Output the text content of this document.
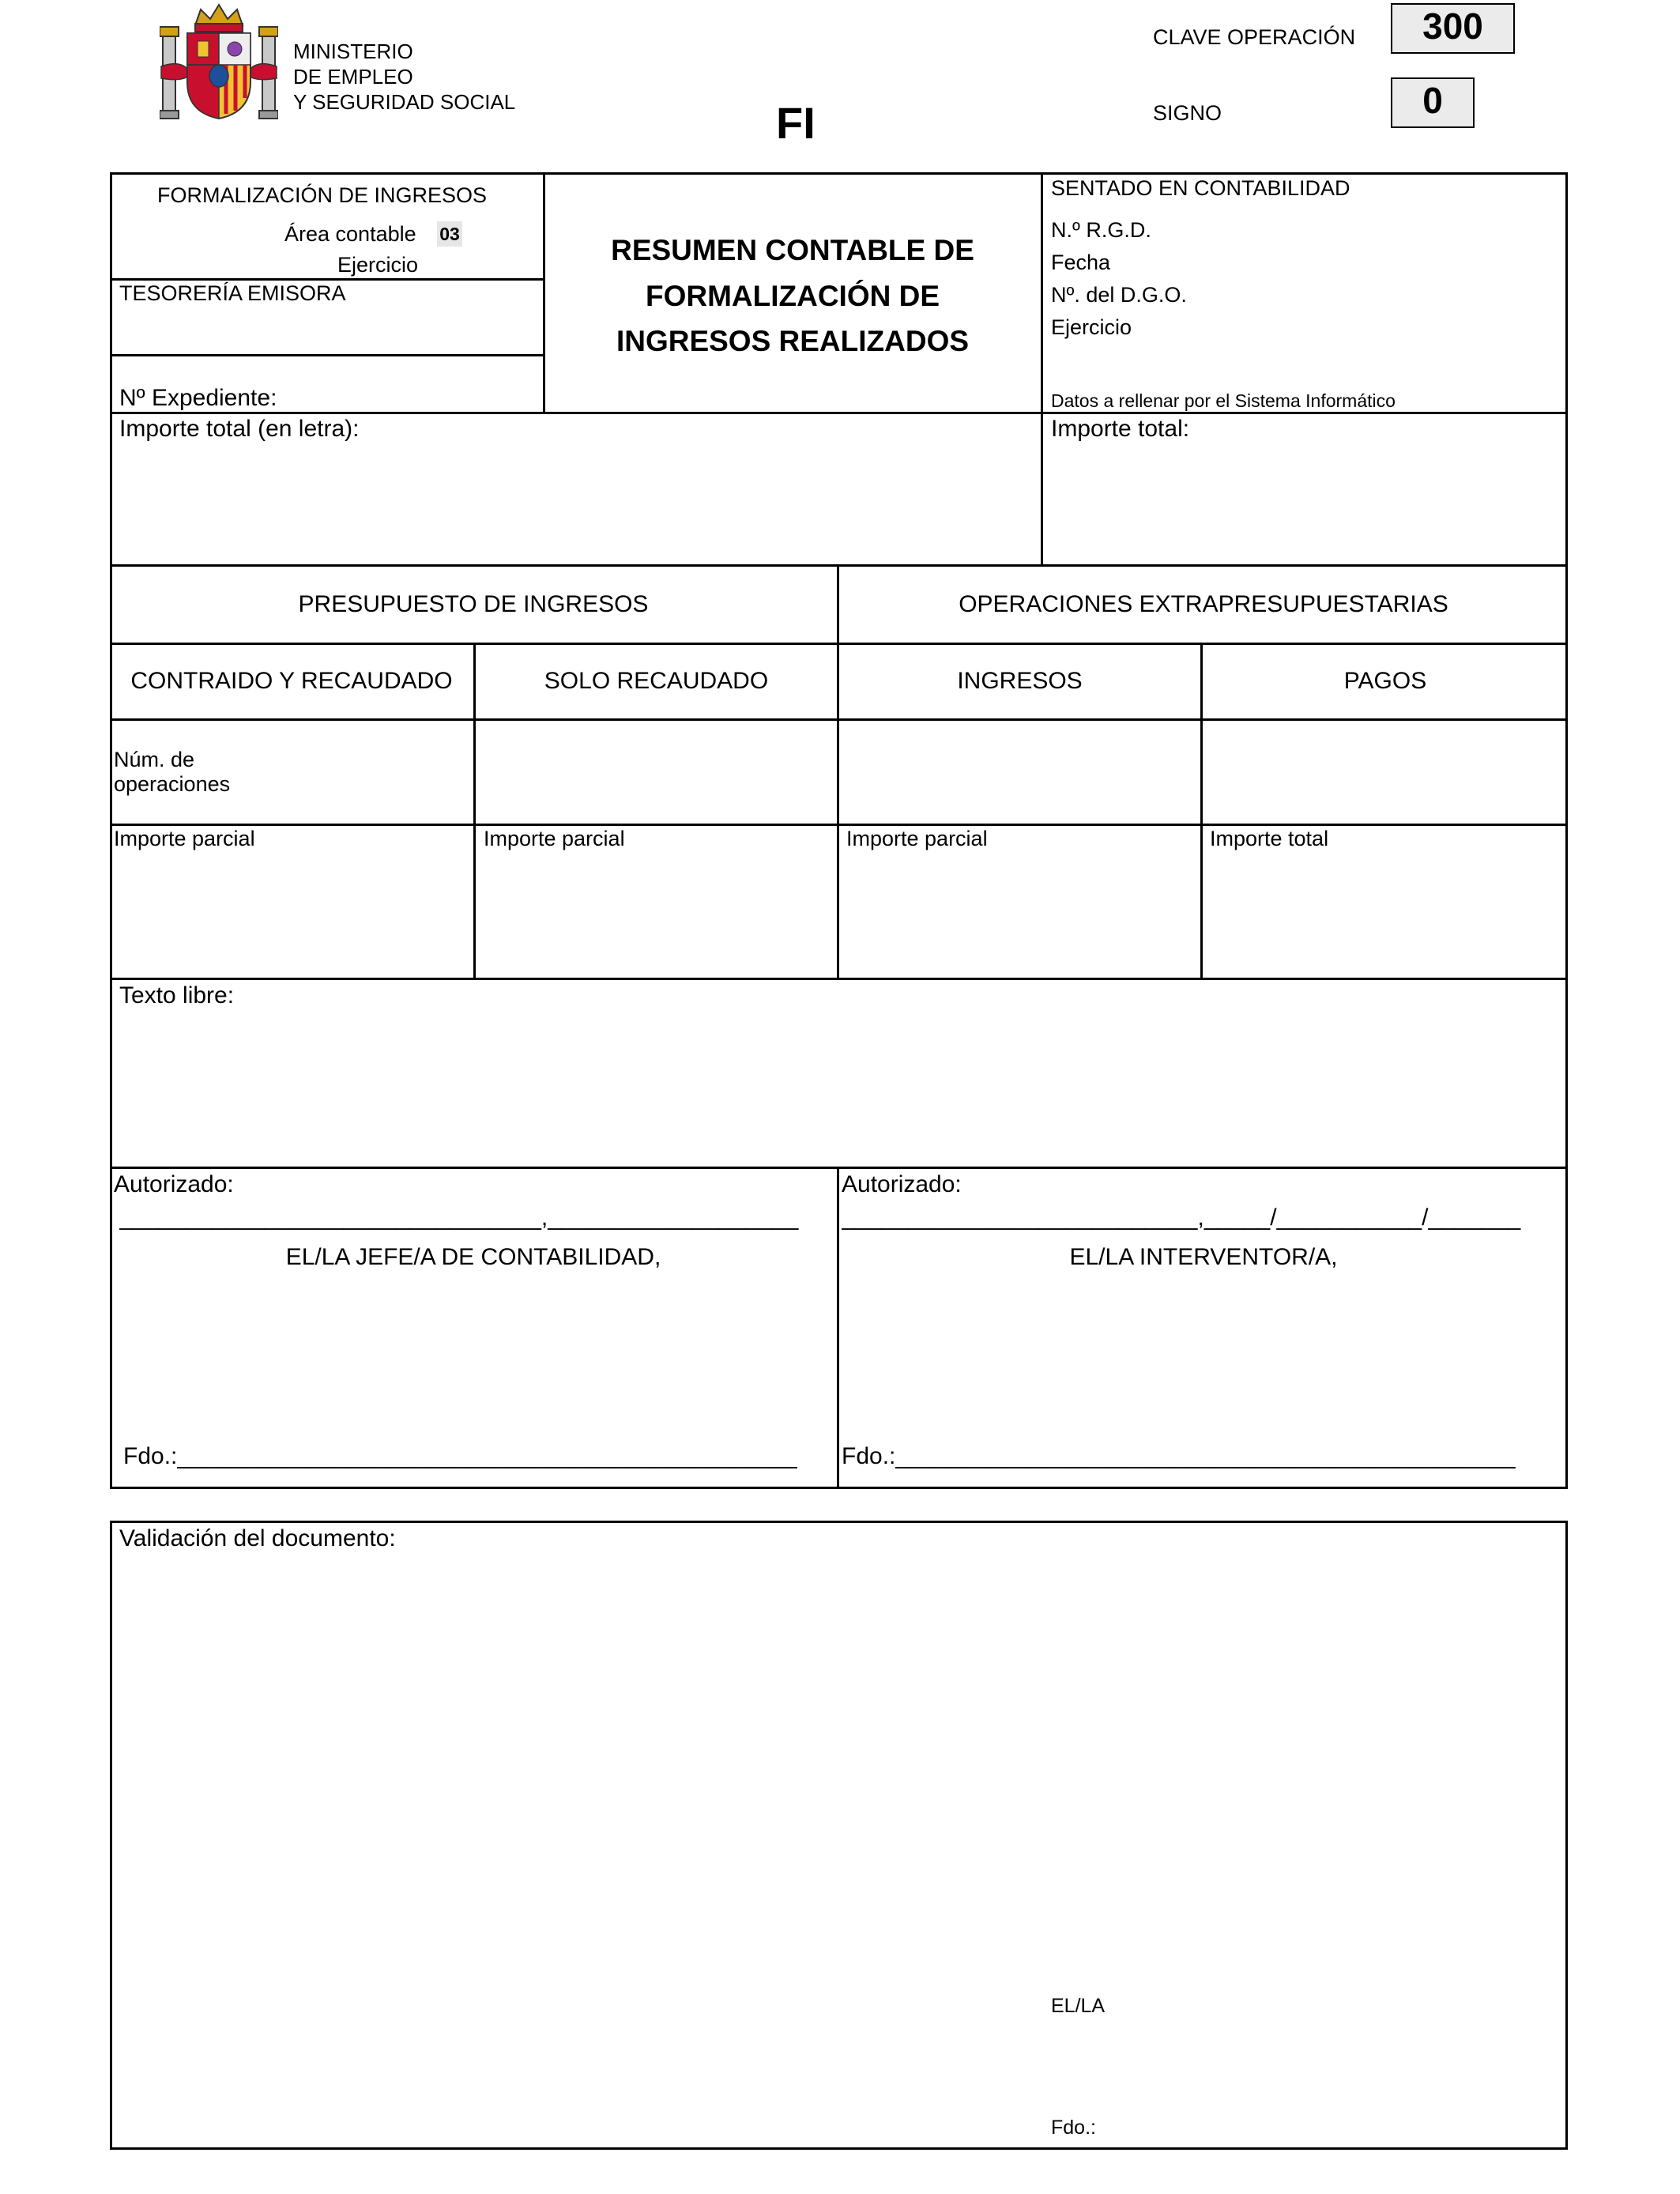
MINISTERIO
DE EMPLEO
Y SEGURIDAD SOCIAL	FI
CLAVE OPERACIÓN	300
SIGNO	0
FORMALIZACIÓN DE INGRESOS
Área contable 03
Ejercicio
TESORERÍA EMISORA
Nº Expediente:
RESUMEN CONTABLE DE
FORMALIZACIÓN DE
INGRESOS REALIZADOS
SENTADO EN CONTABILIDAD
N.º R.G.D.
Fecha
Nº. del D.G.O.
Ejercicio
Datos a rellenar por el Sistema Informático
Importe total (en letra):	Importe total:
PRESUPUESTO DE INGRESOS	OPERACIONES EXTRAPRESUPUESTARIAS
CONTRAIDO Y RECAUDADO	SOLO RECAUDADO	INGRESOS	PAGOS
Núm. de
operaciones
Importe parcial	Importe parcial	Importe parcial	Importe total
Texto libre:
Autorizado:
________________________________,___________________
EL/LA JEFE/A DE CONTABILIDAD,
Fdo.:_______________________________________________
Autorizado:
___________________________,_____/___________/_______
EL/LA INTERVENTOR/A,
Fdo.:_______________________________________________
Validación del documento:
EL/LA
Fdo.:
